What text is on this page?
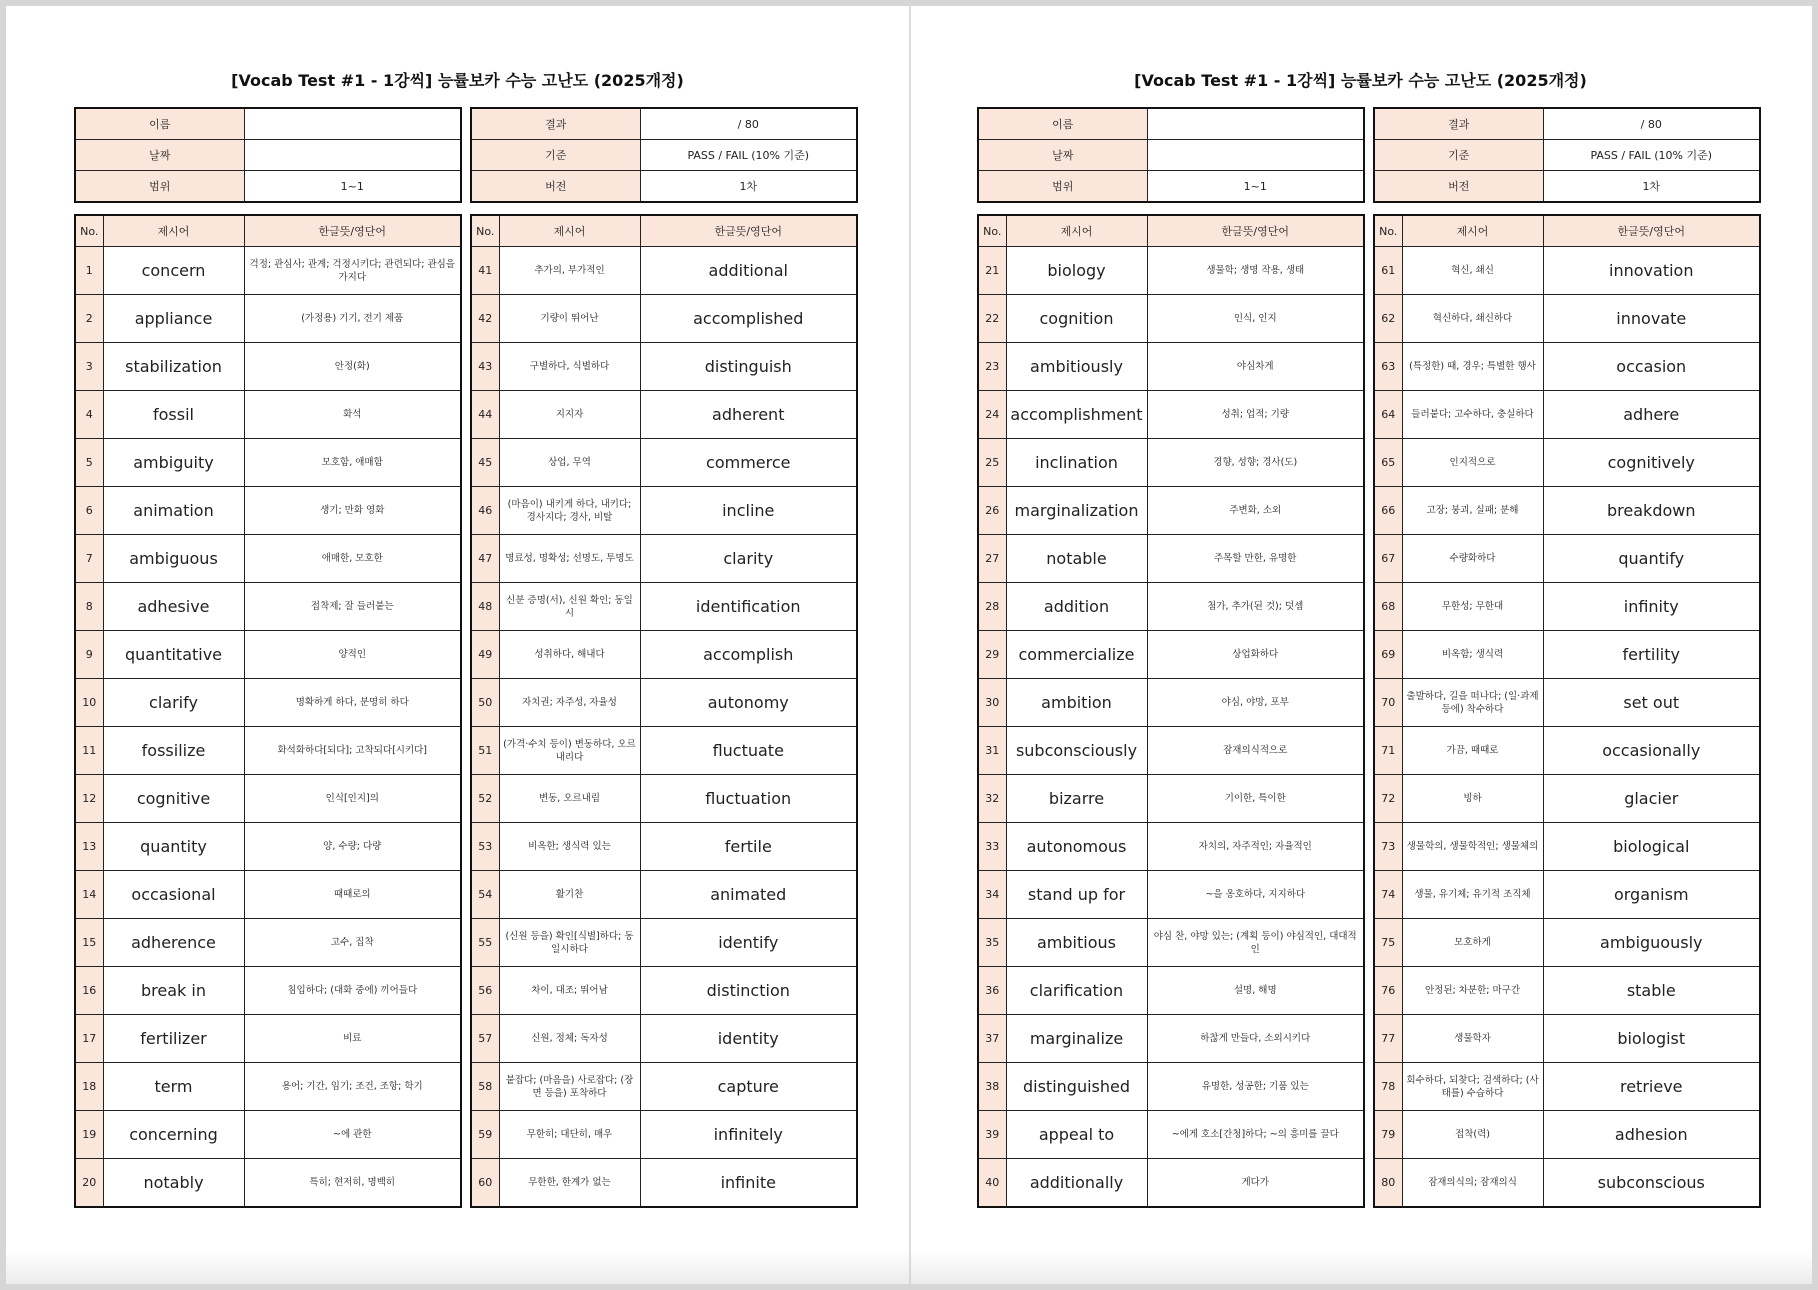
[Vocab Test #1 - 1강씩] 능률보카 수능 고난도 (2025개정)
이름	
날짜	
범위	1~1
결과	/ 80
기준	PASS / FAIL (10% 기준)
버전	1차
No.	제시어	한글뜻/영단어
1	concern	걱정; 관심사; 관계; 걱정시키다; 관련되다; 관심을 가지다
2	appliance	(가정용) 기기, 전기 제품
3	stabilization	안정(화)
4	fossil	화석
5	ambiguity	모호함, 애매함
6	animation	생기; 만화 영화
7	ambiguous	애매한, 모호한
8	adhesive	접착제; 잘 들러붙는
9	quantitative	양적인
10	clarify	명확하게 하다, 분명히 하다
11	fossilize	화석화하다[되다]; 고착되다[시키다]
12	cognitive	인식[인지]의
13	quantity	양, 수량; 다량
14	occasional	때때로의
15	adherence	고수, 집착
16	break in	침입하다; (대화 중에) 끼어들다
17	fertilizer	비료
18	term	용어; 기간, 임기; 조건, 조항; 학기
19	concerning	~에 관한
20	notably	특히; 현저히, 명백히
No.	제시어	한글뜻/영단어
41	추가의, 부가적인	additional
42	기량이 뛰어난	accomplished
43	구별하다, 식별하다	distinguish
44	지지자	adherent
45	상업, 무역	commerce
46	(마음이) 내키게 하다, 내키다; 경사지다; 경사, 비탈	incline
47	명료성, 명확성; 선명도, 투명도	clarity
48	신분 증명(서), 신원 확인; 동일시	identification
49	성취하다, 해내다	accomplish
50	자치권; 자주성, 자율성	autonomy
51	(가격·수치 등이) 변동하다, 오르내리다	fluctuate
52	변동, 오르내림	fluctuation
53	비옥한; 생식력 있는	fertile
54	활기찬	animated
55	(신원 등을) 확인[식별]하다; 동일시하다	identify
56	차이, 대조; 뛰어남	distinction
57	신원, 정체; 독자성	identity
58	붙잡다; (마음을) 사로잡다; (장면 등을) 포착하다	capture
59	무한히; 대단히, 매우	infinitely
60	무한한, 한계가 없는	infinite
[Vocab Test #1 - 1강씩] 능률보카 수능 고난도 (2025개정)
이름	
날짜	
범위	1~1
결과	/ 80
기준	PASS / FAIL (10% 기준)
버전	1차
No.	제시어	한글뜻/영단어
21	biology	생물학; 생명 작용, 생태
22	cognition	인식, 인지
23	ambitiously	야심차게
24	accomplishment	성취; 업적; 기량
25	inclination	경향, 성향; 경사(도)
26	marginalization	주변화, 소외
27	notable	주목할 만한, 유명한
28	addition	첨가, 추가(된 것); 덧셈
29	commercialize	상업화하다
30	ambition	야심, 야망, 포부
31	subconsciously	잠재의식적으로
32	bizarre	기이한, 특이한
33	autonomous	자치의, 자주적인; 자율적인
34	stand up for	~을 옹호하다, 지지하다
35	ambitious	야심 찬, 야망 있는; (계획 등이) 야심적인, 대대적인
36	clarification	설명, 해명
37	marginalize	하찮게 만들다, 소외시키다
38	distinguished	유명한, 성공한; 기품 있는
39	appeal to	~에게 호소[간청]하다; ~의 흥미를 끌다
40	additionally	게다가
No.	제시어	한글뜻/영단어
61	혁신, 쇄신	innovation
62	혁신하다, 쇄신하다	innovate
63	(특정한) 때, 경우; 특별한 행사	occasion
64	들러붙다; 고수하다, 충실하다	adhere
65	인지적으로	cognitively
66	고장; 붕괴, 실패; 분해	breakdown
67	수량화하다	quantify
68	무한성; 무한대	infinity
69	비옥함; 생식력	fertility
70	출발하다, 길을 떠나다; (일·과제 등에) 착수하다	set out
71	가끔, 때때로	occasionally
72	빙하	glacier
73	생물학의, 생물학적인; 생물체의	biological
74	생물, 유기체; 유기적 조직체	organism
75	모호하게	ambiguously
76	안정된; 차분한; 마구간	stable
77	생물학자	biologist
78	회수하다, 되찾다; 검색하다; (사태를) 수습하다	retrieve
79	접착(력)	adhesion
80	잠재의식의; 잠재의식	subconscious
